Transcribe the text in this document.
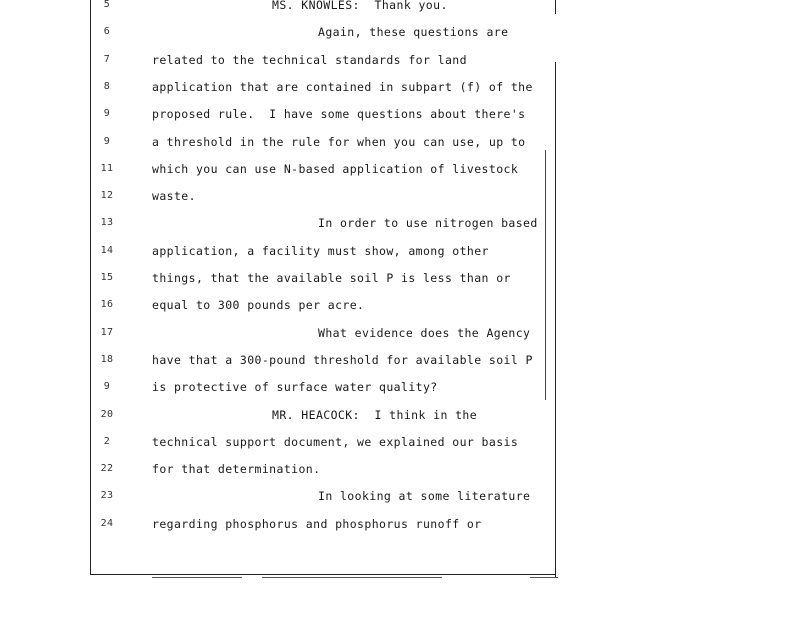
5	MS. KNOWLES:  Thank you.
6	Again, these questions are
7	related to the technical standards for land
8	application that are contained in subpart (f) of the
9	proposed rule.  I have some questions about there's
9	a threshold in the rule for when you can use, up to
11	which you can use N-based application of livestock
12	waste.
13	In order to use nitrogen based
14	application, a facility must show, among other
15	things, that the available soil P is less than or
16	equal to 300 pounds per acre.
17	What evidence does the Agency
18	have that a 300-pound threshold for available soil P
9	is protective of surface water quality?
20	MR. HEACOCK:  I think in the
2	technical support document, we explained our basis
22	for that determination.
23	In looking at some literature
24	regarding phosphorus and phosphorus runoff or
